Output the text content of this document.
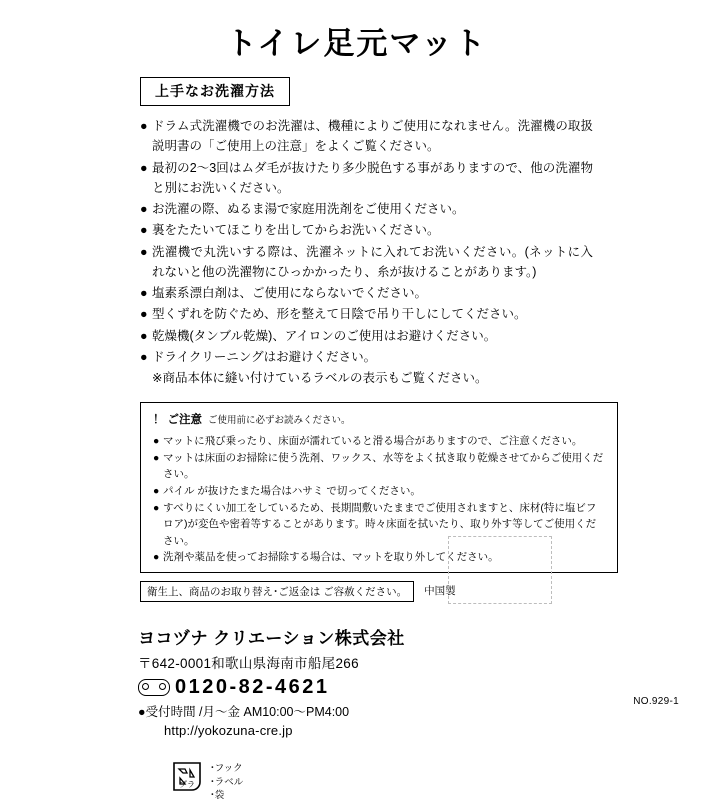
トイレ足元マット
上手なお洗濯方法
● ドラム式洗濯機でのお洗濯は、機種によりご使用になれません。洗濯機の取扱説明書の「ご使用上の注意」をよくご覧ください。
● 最初の2〜3回はムダ毛が抜けたり多少脱色する事がありますので、他の洗濯物と別にお洗いください。
● お洗濯の際、ぬるま湯で家庭用洗剤をご使用ください。
● 裏をたたいてほこりを出してからお洗いください。
● 洗濯機で丸洗いする際は、洗濯ネットに入れてお洗いください。(ネットに入れないと他の洗濯物にひっかかったり、糸が抜けることがあります。)
● 塩素系漂白剤は、ご使用にならないでください。
● 型くずれを防ぐため、形を整えて日陰で吊り干しにしてください。
● 乾燥機(タンブル乾燥)、アイロンのご使用はお避けください。
● ドライクリーニングはお避けください。
※商品本体に縫い付けているラベルの表示もご覧ください。
！ ご注意 ご使用前に必ずお読みください。
● マットに飛び乗ったり、床面が濡れていると滑る場合がありますので、ご注意ください。
● マットは床面のお掃除に使う洗剤、ワックス、水等をよく拭き取り乾燥させてからご使用ください。
● パイル が抜けたまた場合はハサミ で切ってください。
● すべりにくい加工をしているため、長期間敷いたままでご使用されますと、床材(特に塩ビフロア)が変色や密着等することがあります。時々床面を拭いたり、取り外す等してご使用ください。
● 洗剤や薬品を使ってお掃除する場合は、マットを取り外してください。
衛生上、商品のお取り替え･ご返金は ご容赦ください。	中国製
ヨコヅナ クリエーション株式会社
〒642-0001和歌山県海南市船尾266
0120-82-4621
●受付時間 /月〜金 AM10:00〜PM4:00
http://yokozuna-cre.jp
プラ
･フック
･ラベル
･袋
NO.929-1
